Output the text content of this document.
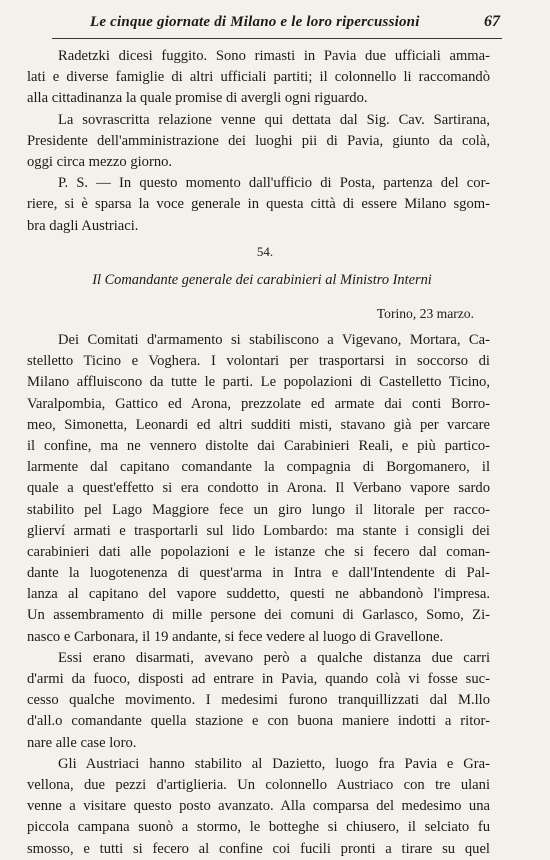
Le cinque giornate di Milano e le loro ripercussioni	67
Radetzki dicesi fuggito. Sono rimasti in Pavia due ufficiali amma-
lati e diverse famiglie di altri ufficiali partiti; il colonnello li raccomandò
alla cittadinanza la quale promise di avergli ogni riguardo.
La sovrascritta relazione venne qui dettata dal Sig. Cav. Sartirana,
Presidente dell'amministrazione dei luoghi pii di Pavia, giunto da colà,
oggi circa mezzo giorno.
P. S. — In questo momento dall'ufficio di Posta, partenza del cor-
riere, si è sparsa la voce generale in questa città di essere Milano sgom-
bra dagli Austriaci.
54.
Il Comandante generale dei carabinieri al Ministro Interni
Torino, 23 marzo.
Dei Comitati d'armamento si stabiliscono a Vigevano, Mortara, Ca-
stelletto Ticino e Voghera. I volontari per trasportarsi in soccorso di
Milano affluiscono da tutte le parti. Le popolazioni di Castelletto Ticino,
Varalpombia, Gattico ed Arona, prezzolate ed armate dai conti Borro-
meo, Simonetta, Leonardi ed altri sudditi misti, stavano già per varcare
il confine, ma ne vennero distolte dai Carabinieri Reali, e più partico-
larmente dal capitano comandante la compagnia di Borgomanero, il
quale a quest'effetto si era condotto in Arona. Il Verbano vapore sardo
stabilito pel Lago Maggiore fece un giro lungo il litorale per racco-
glierví armati e trasportarli sul lido Lombardo: ma stante i consigli dei
carabinieri dati alle popolazioni e le istanze che si fecero dal coman-
dante la luogotenenza di quest'arma in Intra e dall'Intendente di Pal-
lanza al capitano del vapore suddetto, questi ne abbandonò l'impresa.
Un assembramento di mille persone dei comuni di Garlasco, Somo, Zi-
nasco e Carbonara, il 19 andante, si fece vedere al luogo di Gravellone.
Essi erano disarmati, avevano però a qualche distanza due carri
d'armi da fuoco, disposti ad entrare in Pavia, quando colà vi fosse suc-
cesso qualche movimento. I medesimi furono tranquillizzati dal M.llo
d'all.o comandante quella stazione e con buona maniere indotti a ritor-
nare alle case loro.
Gli Austriaci hanno stabilito al Dazietto, luogo fra Pavia e Gra-
vellona, due pezzi d'artiglieria. Un colonnello Austriaco con tre ulani
venne a visitare questo posto avanzato. Alla comparsa del medesimo una
piccola campana suonò a stormo, le botteghe si chiusero, il selciato fu
smosso, e tutti si fecero al confine coi fucili pronti a tirare su quel
